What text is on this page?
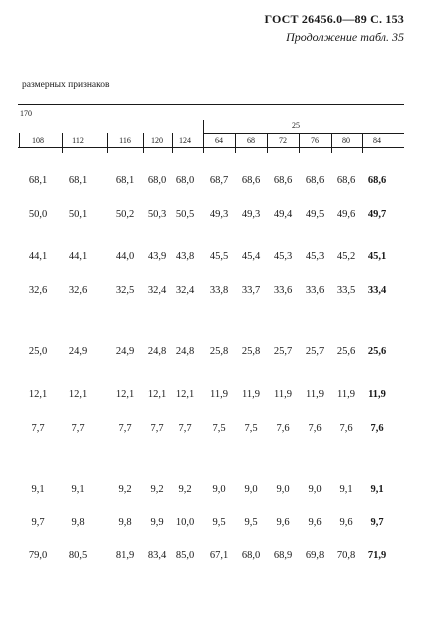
ГОСТ 26456.0—89 С. 153
Продолжение табл. 35
размерных признаков
170
25
108	112	116	120	124	64	68	72	76	80	84
68,1	68,1	68,1	68,0 68,0	68,7	68,6	68,6	68,6	68,6	68,6
50,0	50,1	50,2	50,3 50,5	49,3	49,3	49,4	49,5	49,6	49,7
44,1	44,1	44,0	43,9 43,8	45,5	45,4	45,3	45,3	45,2	45,1
32,6	32,6	32,5	32,4 32,4	33,8	33,7	33,6	33,6	33,5	33,4
25,0	24,9	24,9	24,8 24,8	25,8	25,8	25,7	25,7	25,6	25,6
12,1	12,1	12,1	12,1 12,1	11,9	11,9	11,9	11,9	11,9	11,9
7,7	7,7	7,7	7,7	7,7	7,5	7,5	7,6	7,6	7,6	7,6
9,1	9,1	9,2	9,2	9,2	9,0	9,0	9,0	9,0	9,1	9,1
9,7	9,8	9,8	9,9	10,0	9,5	9,5	9,6	9,6	9,6	9,7
79,0	80,5	81,9	83,4 85,0	67,1	68,0	68,9	69,8	70,8	71,9
